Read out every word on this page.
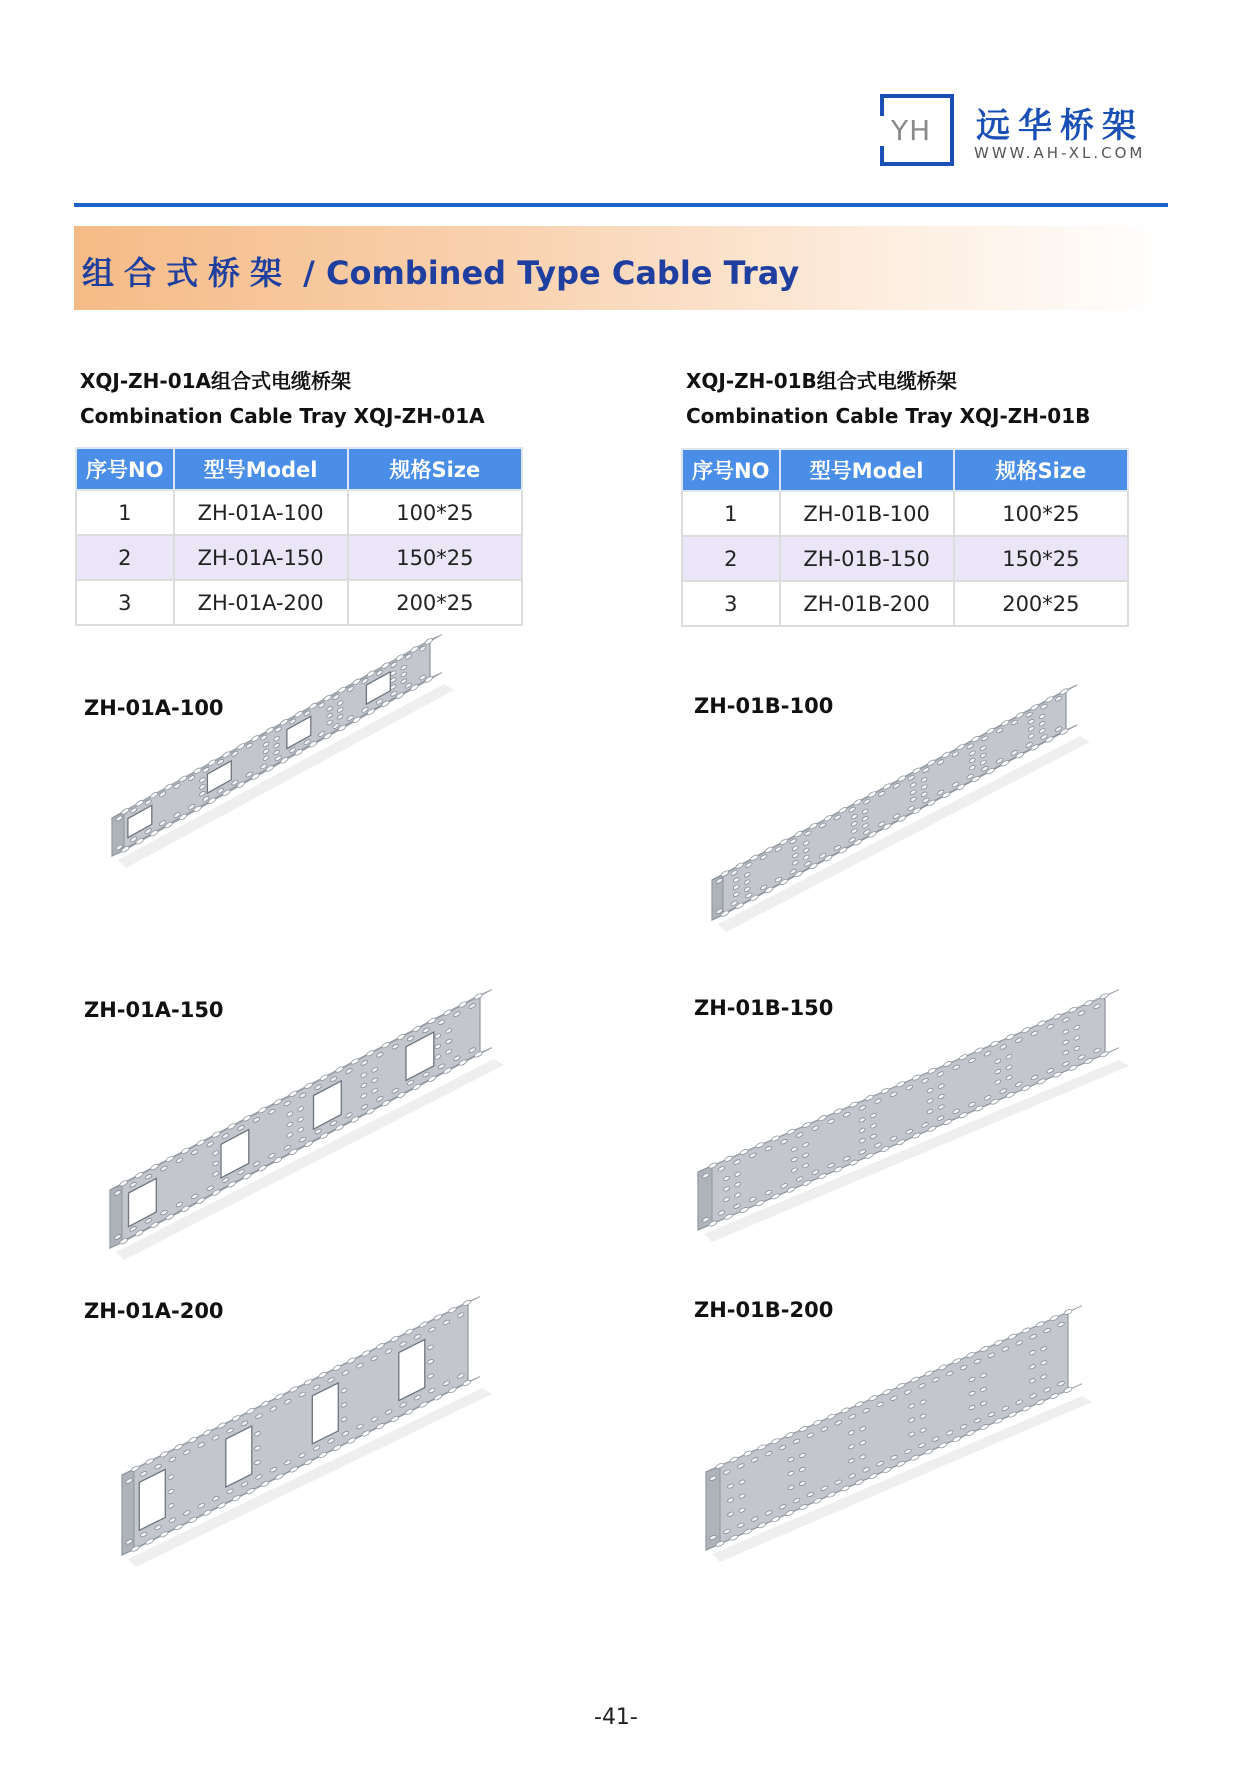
YH 远华桥架
WWW.AH-XL.COM
组合式桥架 / Combined Type Cable Tray
XQJ-ZH-01A组合式电缆桥架
Combination Cable Tray XQJ-ZH-01A
XQJ-ZH-01B组合式电缆桥架
Combination Cable Tray XQJ-ZH-01B
序号NO	型号Model	规格Size
1	ZH-01A-100	100*25
2	ZH-01A-150	150*25
3	ZH-01A-200	200*25
序号NO	型号Model	规格Size
1	ZH-01B-100	100*25
2	ZH-01B-150	150*25
3	ZH-01B-200	200*25
ZH-01A-100	ZH-01B-100
ZH-01A-150	ZH-01B-150
ZH-01A-200	ZH-01B-200
-41-
